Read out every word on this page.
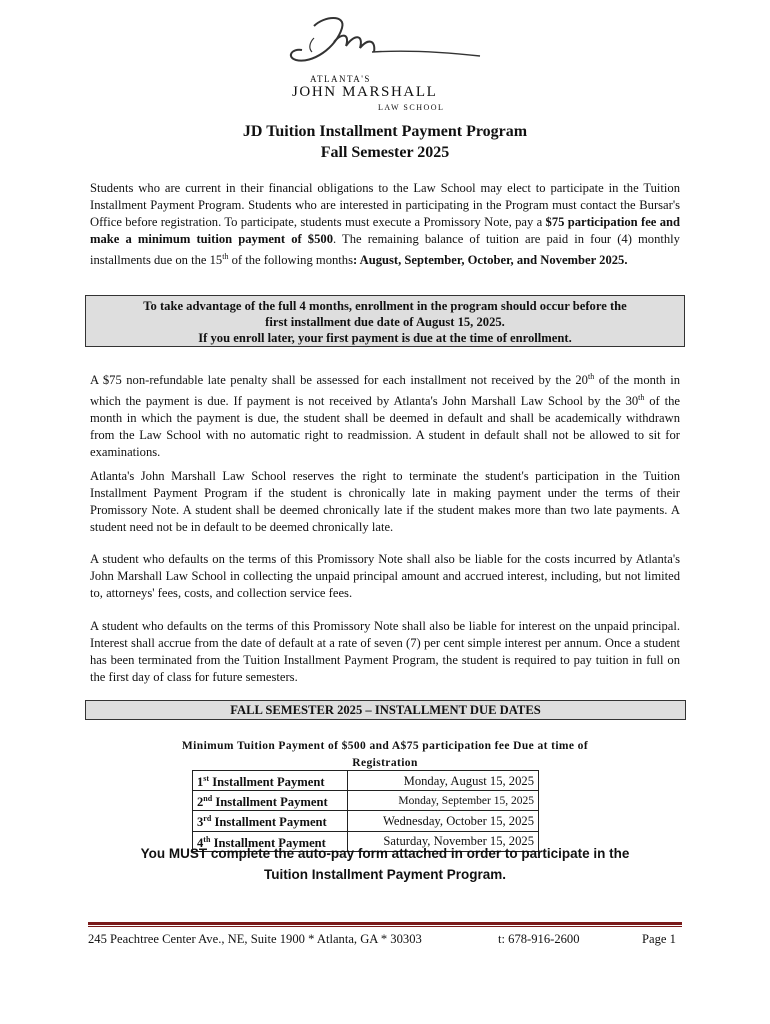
ATLANTA'S
JOHN MARSHALL
LAW SCHOOL
JD Tuition Installment Payment Program
Fall Semester 2025
Students who are current in their financial obligations to the Law School may elect to participate in the Tuition Installment Payment Program. Students who are interested in participating in the Program must contact the Bursar's Office before registration. To participate, students must execute a Promissory Note, pay a $75 participation fee and make a minimum tuition payment of $500. The remaining balance of tuition are paid in four (4) monthly installments due on the 15th of the following months: August, September, October, and November 2025.
To take advantage of the full 4 months, enrollment in the program should occur before the
first installment due date of August 15, 2025.
If you enroll later, your first payment is due at the time of enrollment.
A $75 non-refundable late penalty shall be assessed for each installment not received by the 20th of the month in which the payment is due. If payment is not received by Atlanta's John Marshall Law School by the 30th of the month in which the payment is due, the student shall be deemed in default and shall be academically withdrawn from the Law School with no automatic right to readmission. A student in default shall not be allowed to sit for examinations.
Atlanta's John Marshall Law School reserves the right to terminate the student's participation in the Tuition Installment Payment Program if the student is chronically late in making payment under the terms of their Promissory Note. A student shall be deemed chronically late if the student makes more than two late payments. A student need not be in default to be deemed chronically late.
A student who defaults on the terms of this Promissory Note shall also be liable for the costs incurred by Atlanta's John Marshall Law School in collecting the unpaid principal amount and accrued interest, including, but not limited to, attorneys' fees, costs, and collection service fees.
A student who defaults on the terms of this Promissory Note shall also be liable for interest on the unpaid principal. Interest shall accrue from the date of default at a rate of seven (7) per cent simple interest per annum. Once a student has been terminated from the Tuition Installment Payment Program, the student is required to pay tuition in full on the first day of class for future semesters.
FALL SEMESTER 2025 – INSTALLMENT DUE DATES
Minimum Tuition Payment of $500 and A$75 participation fee Due at time of
Registration
1st Installment Payment	Monday, August 15, 2025
2nd Installment Payment	Monday, September 15, 2025
3rd Installment Payment	Wednesday, October 15, 2025
4th Installment Payment	Saturday, November 15, 2025
You MUST complete the auto-pay form attached in order to participate in the
Tuition Installment Payment Program.
245 Peachtree Center Ave., NE, Suite 1900 * Atlanta, GA * 30303	t: 678-916-2600	Page 1
